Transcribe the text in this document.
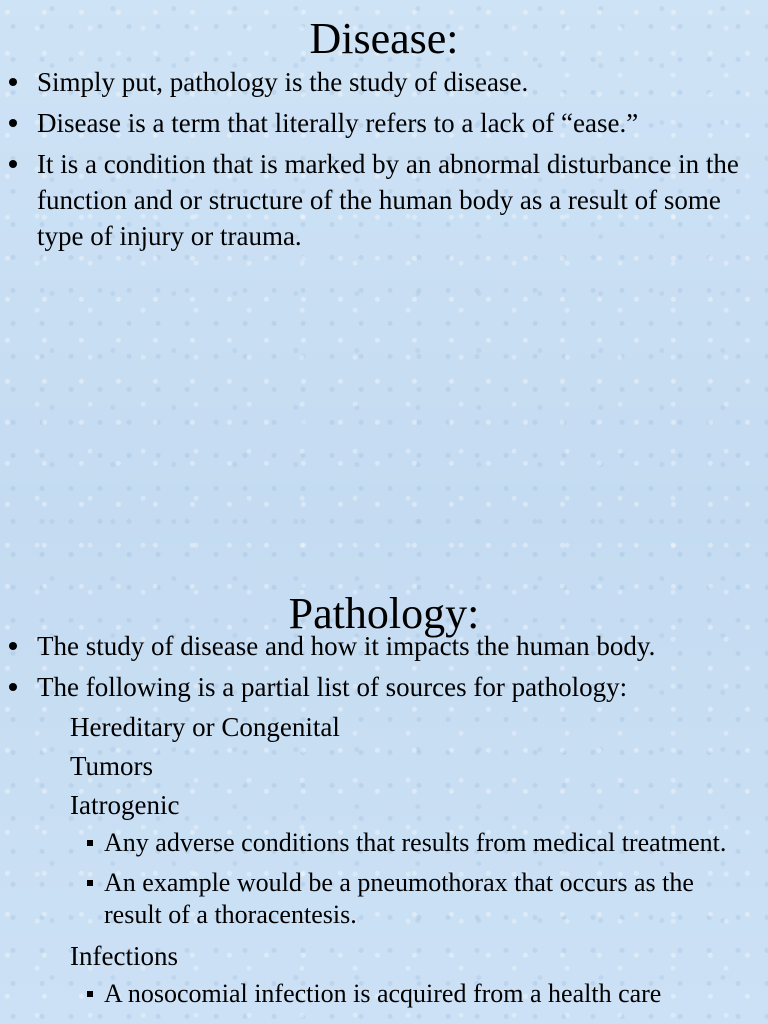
Disease:
Simply put, pathology is the study of disease.
Disease is a term that literally refers to a lack of “ease.”
It is a condition that is marked by an abnormal disturbance in the function and or structure of the human body as a result of some type of injury or trauma.
Pathology:
The study of disease and how it impacts the human body.
The following is a partial list of sources for pathology:
Hereditary or Congenital
Tumors
Iatrogenic
Any adverse conditions that results from medical treatment.
An example would be a pneumothorax that occurs as the result of a thoracentesis.
Infections
A nosocomial infection is acquired from a health care
